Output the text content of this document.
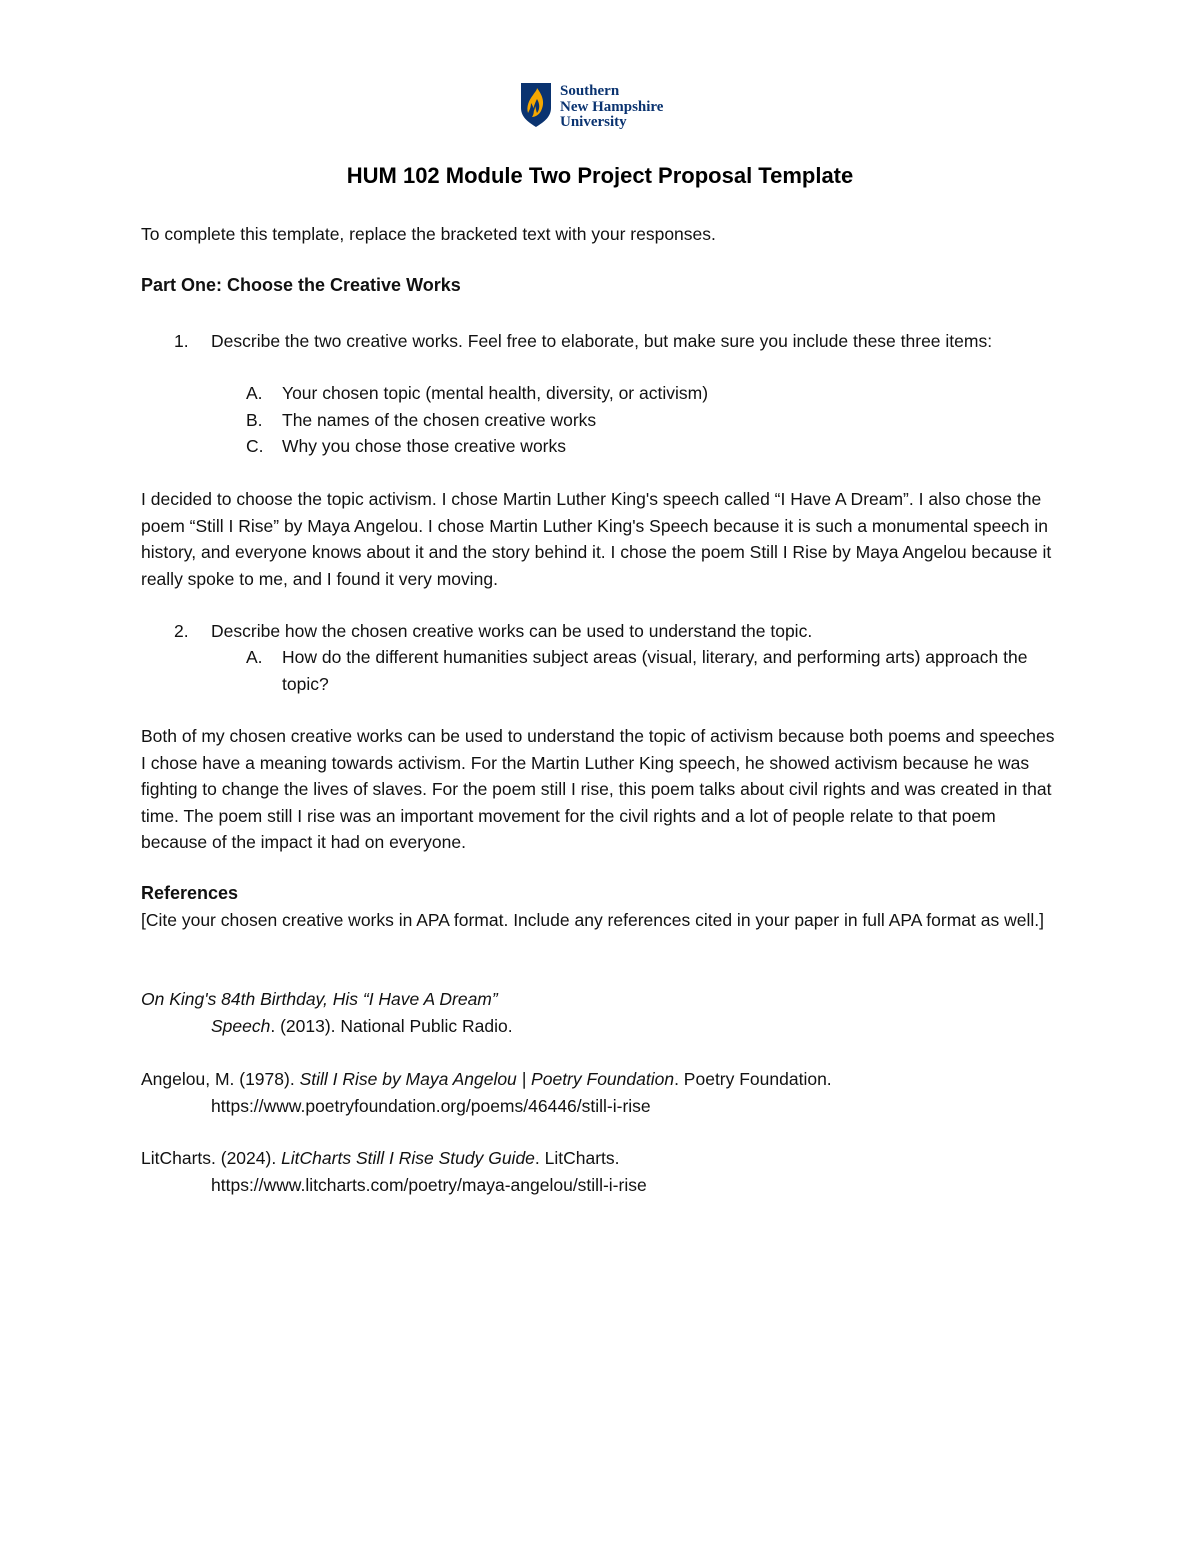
Southern
New Hampshire
University
HUM 102 Module Two Project Proposal Template
To complete this template, replace the bracketed text with your responses.
Part One: Choose the Creative Works
1. Describe the two creative works. Feel free to elaborate, but make sure you include these three items:
A. Your chosen topic (mental health, diversity, or activism)
B. The names of the chosen creative works
C. Why you chose those creative works
I decided to choose the topic activism. I chose Martin Luther King's speech called “I Have A Dream”. I also chose the poem “Still I Rise” by Maya Angelou. I chose Martin Luther King's Speech because it is such a monumental speech in history, and everyone knows about it and the story behind it. I chose the poem Still I Rise by Maya Angelou because it really spoke to me, and I found it very moving.
2. Describe how the chosen creative works can be used to understand the topic.
A. How do the different humanities subject areas (visual, literary, and performing arts) approach the topic?
Both of my chosen creative works can be used to understand the topic of activism because both poems and speeches I chose have a meaning towards activism. For the Martin Luther King speech, he showed activism because he was fighting to change the lives of slaves. For the poem still I rise, this poem talks about civil rights and was created in that time. The poem still I rise was an important movement for the civil rights and a lot of people relate to that poem because of the impact it had on everyone.
References
[Cite your chosen creative works in APA format. Include any references cited in your paper in full APA format as well.]
On King's 84th Birthday, His “I Have A Dream”
Speech. (2013). National Public Radio.
Angelou, M. (1978). Still I Rise by Maya Angelou | Poetry Foundation. Poetry Foundation.
https://www.poetryfoundation.org/poems/46446/still-i-rise
LitCharts. (2024). LitCharts Still I Rise Study Guide. LitCharts.
https://www.litcharts.com/poetry/maya-angelou/still-i-rise
